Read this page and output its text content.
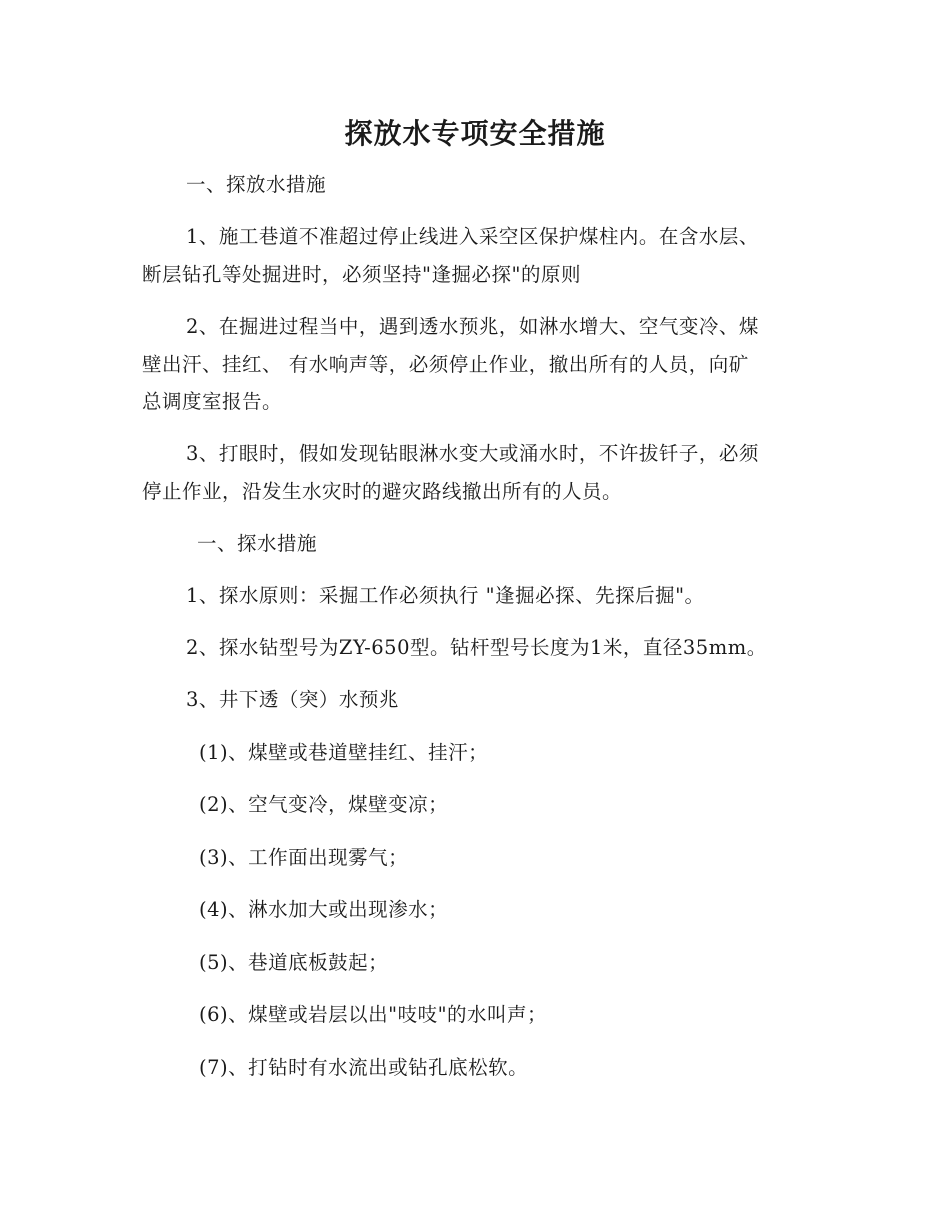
探放水专项安全措施
一、探放水措施
1、施工巷道不准超过停止线进入采空区保护煤柱内。在含水层、
断层钻孔等处掘进时，必须坚持"逢掘必探"的原则
2、在掘进过程当中，遇到透水预兆，如淋水增大、空气变冷、煤
壁出汗、挂红、 有水响声等，必须停止作业，撤出所有的人员，向矿
总调度室报告。
3、打眼时，假如发现钻眼淋水变大或涌水时，不许拔钎子，必须
停止作业，沿发生水灾时的避灾路线撤出所有的人员。
一、探水措施
1、探水原则：采掘工作必须执行 "逢掘必探、先探后掘"。
2、探水钻型号为ZY-650型。钻杆型号长度为1米，直径35mm。
3、井下透（突）水预兆
(1)、煤壁或巷道壁挂红、挂汗；
(2)、空气变冷，煤壁变凉；
(3)、工作面出现雾气；
(4)、淋水加大或出现渗水；
(5)、巷道底板鼓起；
(6)、煤壁或岩层以出"吱吱"的水叫声；
(7)、打钻时有水流出或钻孔底松软。
